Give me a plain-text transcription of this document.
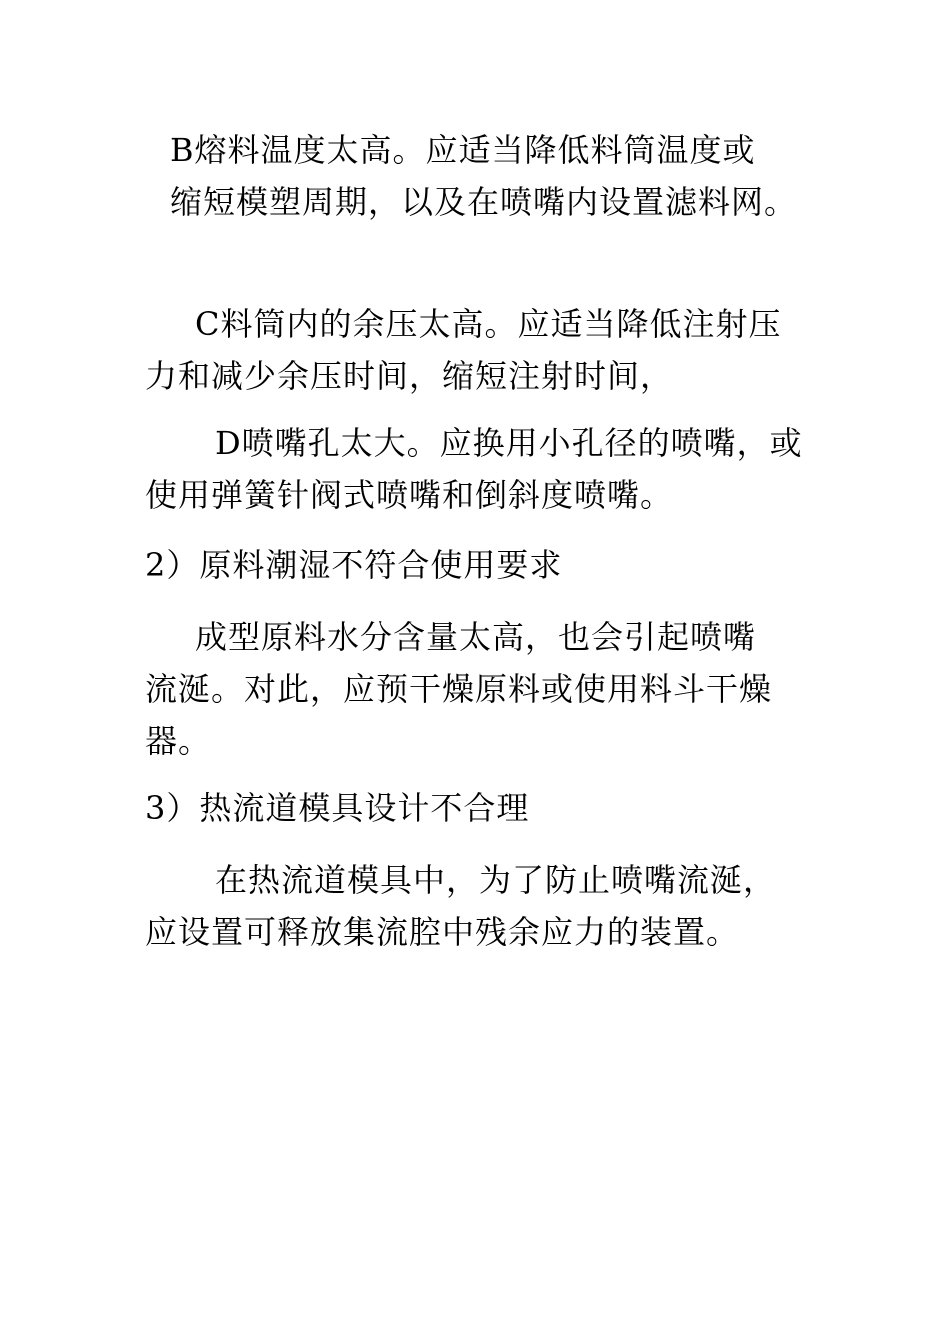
B熔料温度太高。应适当降低料筒温度或
缩短模塑周期，以及在喷嘴内设置滤料网。
C料筒内的余压太高。应适当降低注射压
力和减少余压时间，缩短注射时间，
D喷嘴孔太大。应换用小孔径的喷嘴，或
使用弹簧针阀式喷嘴和倒斜度喷嘴。
2）原料潮湿不符合使用要求
成型原料水分含量太高，也会引起喷嘴
流涎。对此，应预干燥原料或使用料斗干燥
器。
3）热流道模具设计不合理
在热流道模具中，为了防止喷嘴流涎，
应设置可释放集流腔中残余应力的装置。
